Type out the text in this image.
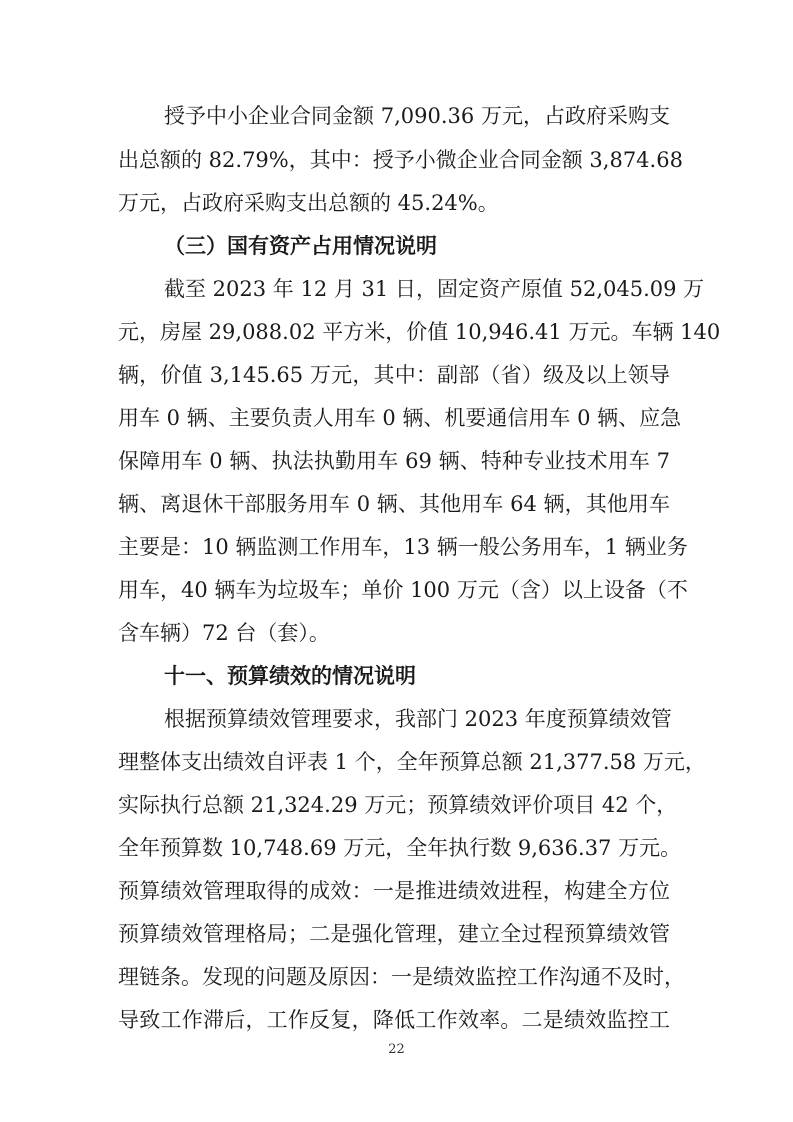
授予中小企业合同金额 7,090.36 万元，占政府采购支
出总额的 82.79%，其中：授予小微企业合同金额 3,874.68
万元，占政府采购支出总额的 45.24%。
（三）国有资产占用情况说明
截至 2023 年 12 月 31 日，固定资产原值 52,045.09 万
元，房屋 29,088.02 平方米，价值 10,946.41 万元。车辆 140
辆，价值 3,145.65 万元，其中：副部（省）级及以上领导
用车 0 辆、主要负责人用车 0 辆、机要通信用车 0 辆、应急
保障用车 0 辆、执法执勤用车 69 辆、特种专业技术用车 7
辆、离退休干部服务用车 0 辆、其他用车 64 辆，其他用车
主要是：10 辆监测工作用车，13 辆一般公务用车，1 辆业务
用车，40 辆车为垃圾车；单价 100 万元（含）以上设备（不
含车辆）72 台（套）。
十一、预算绩效的情况说明
根据预算绩效管理要求，我部门 2023 年度预算绩效管
理整体支出绩效自评表 1 个，全年预算总额 21,377.58 万元，
实际执行总额 21,324.29 万元；预算绩效评价项目 42 个，
全年预算数 10,748.69 万元，全年执行数 9,636.37 万元。
预算绩效管理取得的成效：一是推进绩效进程，构建全方位
预算绩效管理格局；二是强化管理，建立全过程预算绩效管
理链条。发现的问题及原因：一是绩效监控工作沟通不及时，
导致工作滞后，工作反复，降低工作效率。二是绩效监控工
22
